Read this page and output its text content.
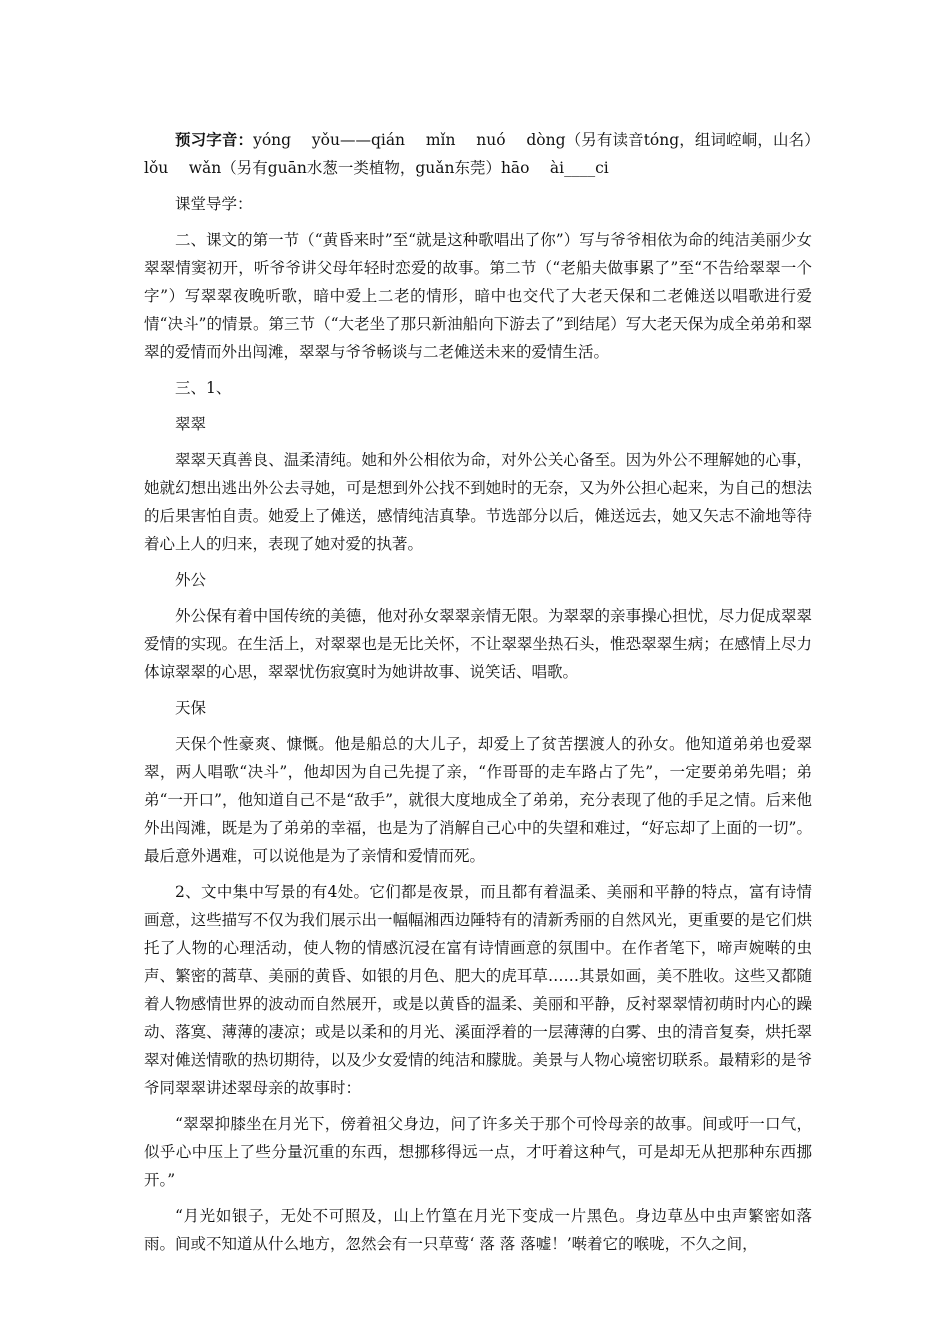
预习字音：yóng　 yǒu——qián　 mǐn　 nuó　 dòng（另有读音tóng，组词崆峒，山名）lǒu　 wǎn（另有guān水葱一类植物，guǎn东莞）hāo　 ài____ci

课堂导学：

二、课文的第一节（“黄昏来时”至“就是这种歌唱出了你”）写与爷爷相依为命的纯洁美丽少女翠翠情窦初开，听爷爷讲父母年轻时恋爱的故事。第二节（“老船夫做事累了”至“不告给翠翠一个字”）写翠翠夜晚听歌，暗中爱上二老的情形，暗中也交代了大老天保和二老傩送以唱歌进行爱情“决斗”的情景。第三节（“大老坐了那只新油船向下游去了”到结尾）写大老天保为成全弟弟和翠翠的爱情而外出闯滩，翠翠与爷爷畅谈与二老傩送未来的爱情生活。

三、1、

翠翠

翠翠天真善良、温柔清纯。她和外公相依为命，对外公关心备至。因为外公不理解她的心事，她就幻想出逃出外公去寻她，可是想到外公找不到她时的无奈，又为外公担心起来，为自己的想法的后果害怕自责。她爱上了傩送，感情纯洁真挚。节选部分以后，傩送远去，她又矢志不渝地等待着心上人的归来，表现了她对爱的执著。

外公

外公保有着中国传统的美德，他对孙女翠翠亲情无限。为翠翠的亲事操心担忧，尽力促成翠翠爱情的实现。在生活上，对翠翠也是无比关怀，不让翠翠坐热石头，惟恐翠翠生病；在感情上尽力体谅翠翠的心思，翠翠忧伤寂寞时为她讲故事、说笑话、唱歌。

天保

天保个性豪爽、慷慨。他是船总的大儿子，却爱上了贫苦摆渡人的孙女。他知道弟弟也爱翠翠，两人唱歌“决斗”，他却因为自己先提了亲，“作哥哥的走车路占了先”，一定要弟弟先唱；弟弟“一开口”，他知道自己不是“敌手”，就很大度地成全了弟弟，充分表现了他的手足之情。后来他外出闯滩，既是为了弟弟的幸福，也是为了消解自己心中的失望和难过，“好忘却了上面的一切”。最后意外遇难，可以说他是为了亲情和爱情而死。

2、文中集中写景的有4处。它们都是夜景，而且都有着温柔、美丽和平静的特点，富有诗情画意，这些描写不仅为我们展示出一幅幅湘西边陲特有的清新秀丽的自然风光，更重要的是它们烘托了人物的心理活动，使人物的情感沉浸在富有诗情画意的氛围中。在作者笔下，啼声婉啭的虫声、繁密的蒿草、美丽的黄昏、如银的月色、肥大的虎耳草……其景如画，美不胜收。这些又都随着人物感情世界的波动而自然展开，或是以黄昏的温柔、美丽和平静，反衬翠翠情初萌时内心的躁动、落寞、薄薄的凄凉；或是以柔和的月光、溪面浮着的一层薄薄的白雾、虫的清音复奏，烘托翠翠对傩送情歌的热切期待，以及少女爱情的纯洁和朦胧。美景与人物心境密切联系。最精彩的是爷爷同翠翠讲述翠母亲的故事时：

“翠翠抑膝坐在月光下，傍着祖父身边，问了许多关于那个可怜母亲的故事。间或吁一口气，似乎心中压上了些分量沉重的东西，想挪移得远一点，才吁着这种气，可是却无从把那种东西挪开。”

“月光如银子，无处不可照及，山上竹篁在月光下变成一片黑色。身边草丛中虫声繁密如落雨。间或不知道从什么地方，忽然会有一只草莺‘ 落 落 落嘘！’啭着它的喉咙，不久之间，
